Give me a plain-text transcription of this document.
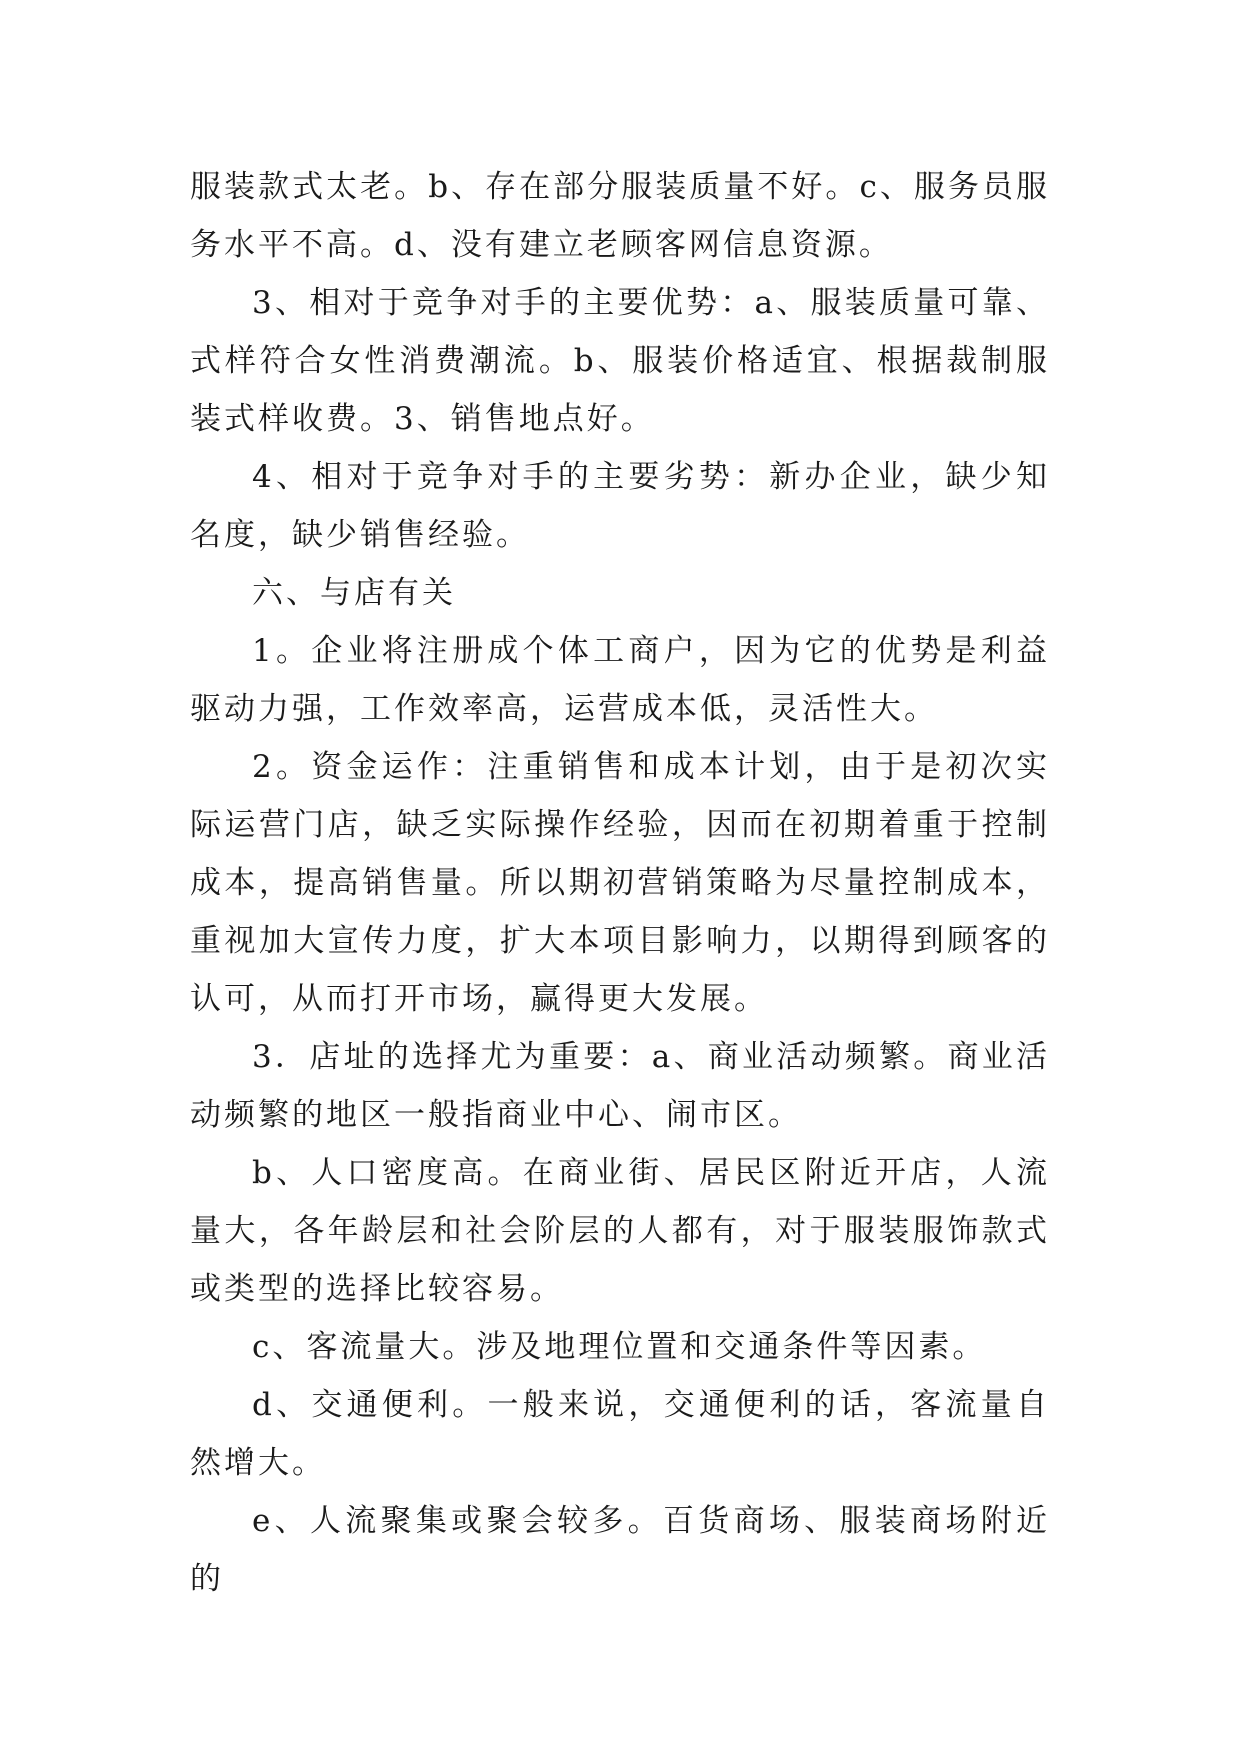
服装款式太老。b、存在部分服装质量不好。c、服务员服务水平不高。d、没有建立老顾客网信息资源。

3、相对于竞争对手的主要优势：a、服装质量可靠、式样符合女性消费潮流。b、服装价格适宜、根据裁制服装式样收费。3、销售地点好。

4、相对于竞争对手的主要劣势：新办企业，缺少知名度，缺少销售经验。

六、与店有关

1。企业将注册成个体工商户，因为它的优势是利益驱动力强，工作效率高，运营成本低，灵活性大。

2。资金运作：注重销售和成本计划，由于是初次实际运营门店，缺乏实际操作经验，因而在初期着重于控制成本，提高销售量。所以期初营销策略为尽量控制成本，重视加大宣传力度，扩大本项目影响力，以期得到顾客的认可，从而打开市场，赢得更大发展。

3．店址的选择尤为重要：a、商业活动频繁。商业活动频繁的地区一般指商业中心、闹市区。

b、人口密度高。在商业街、居民区附近开店，人流量大，各年龄层和社会阶层的人都有，对于服装服饰款式或类型的选择比较容易。

c、客流量大。涉及地理位置和交通条件等因素。

d、交通便利。一般来说，交通便利的话，客流量自然增大。

e、人流聚集或聚会较多。百货商场、服装商场附近的
